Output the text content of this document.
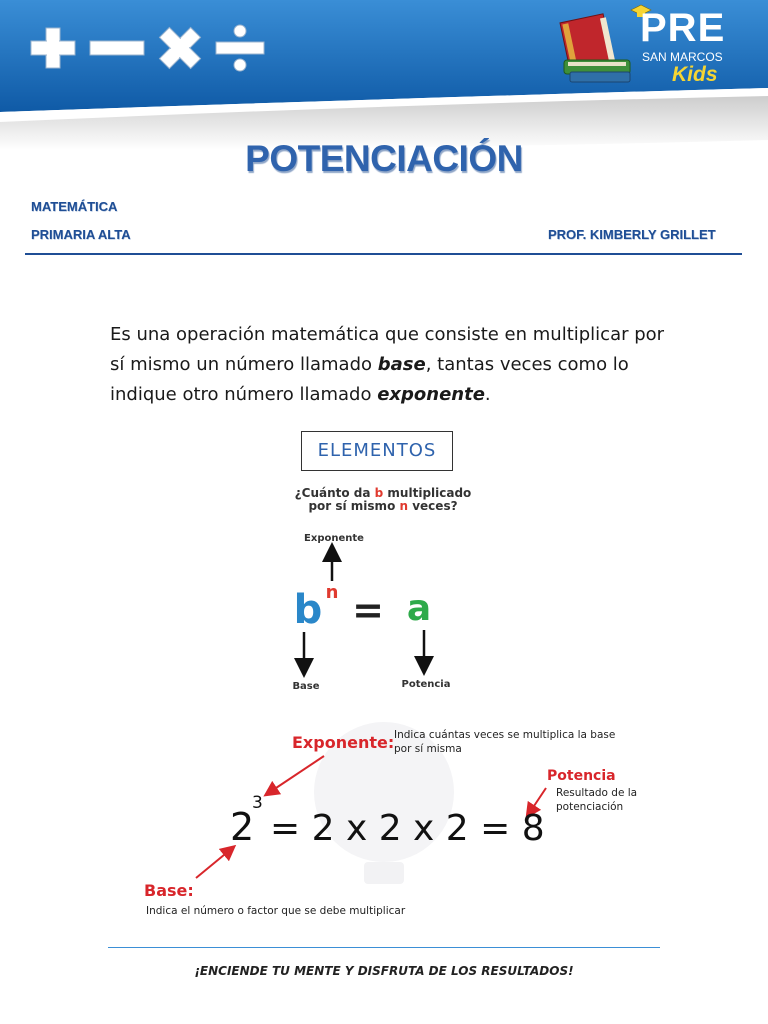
PRE
SAN MARCOS
Kids
POTENCIACIÓN
MATEMÁTICA
PRIMARIA ALTA	PROF. KIMBERLY GRILLET
Es una operación matemática que consiste en multiplicar por sí mismo un número llamado base, tantas veces como lo indique otro número llamado exponente.
ELEMENTOS
¿Cuánto da b multiplicado
por sí mismo n veces?
Exponente
b n = a
Base	Potencia
Exponente: Indica cuántas veces se multiplica la base
por sí misma
Potencia
Resultado de la
potenciación
2
3
= 2 x 2 x 2 = 8
Base:
Indica el número o factor que se debe multiplicar
¡ENCIENDE TU MENTE Y DISFRUTA DE LOS RESULTADOS!
